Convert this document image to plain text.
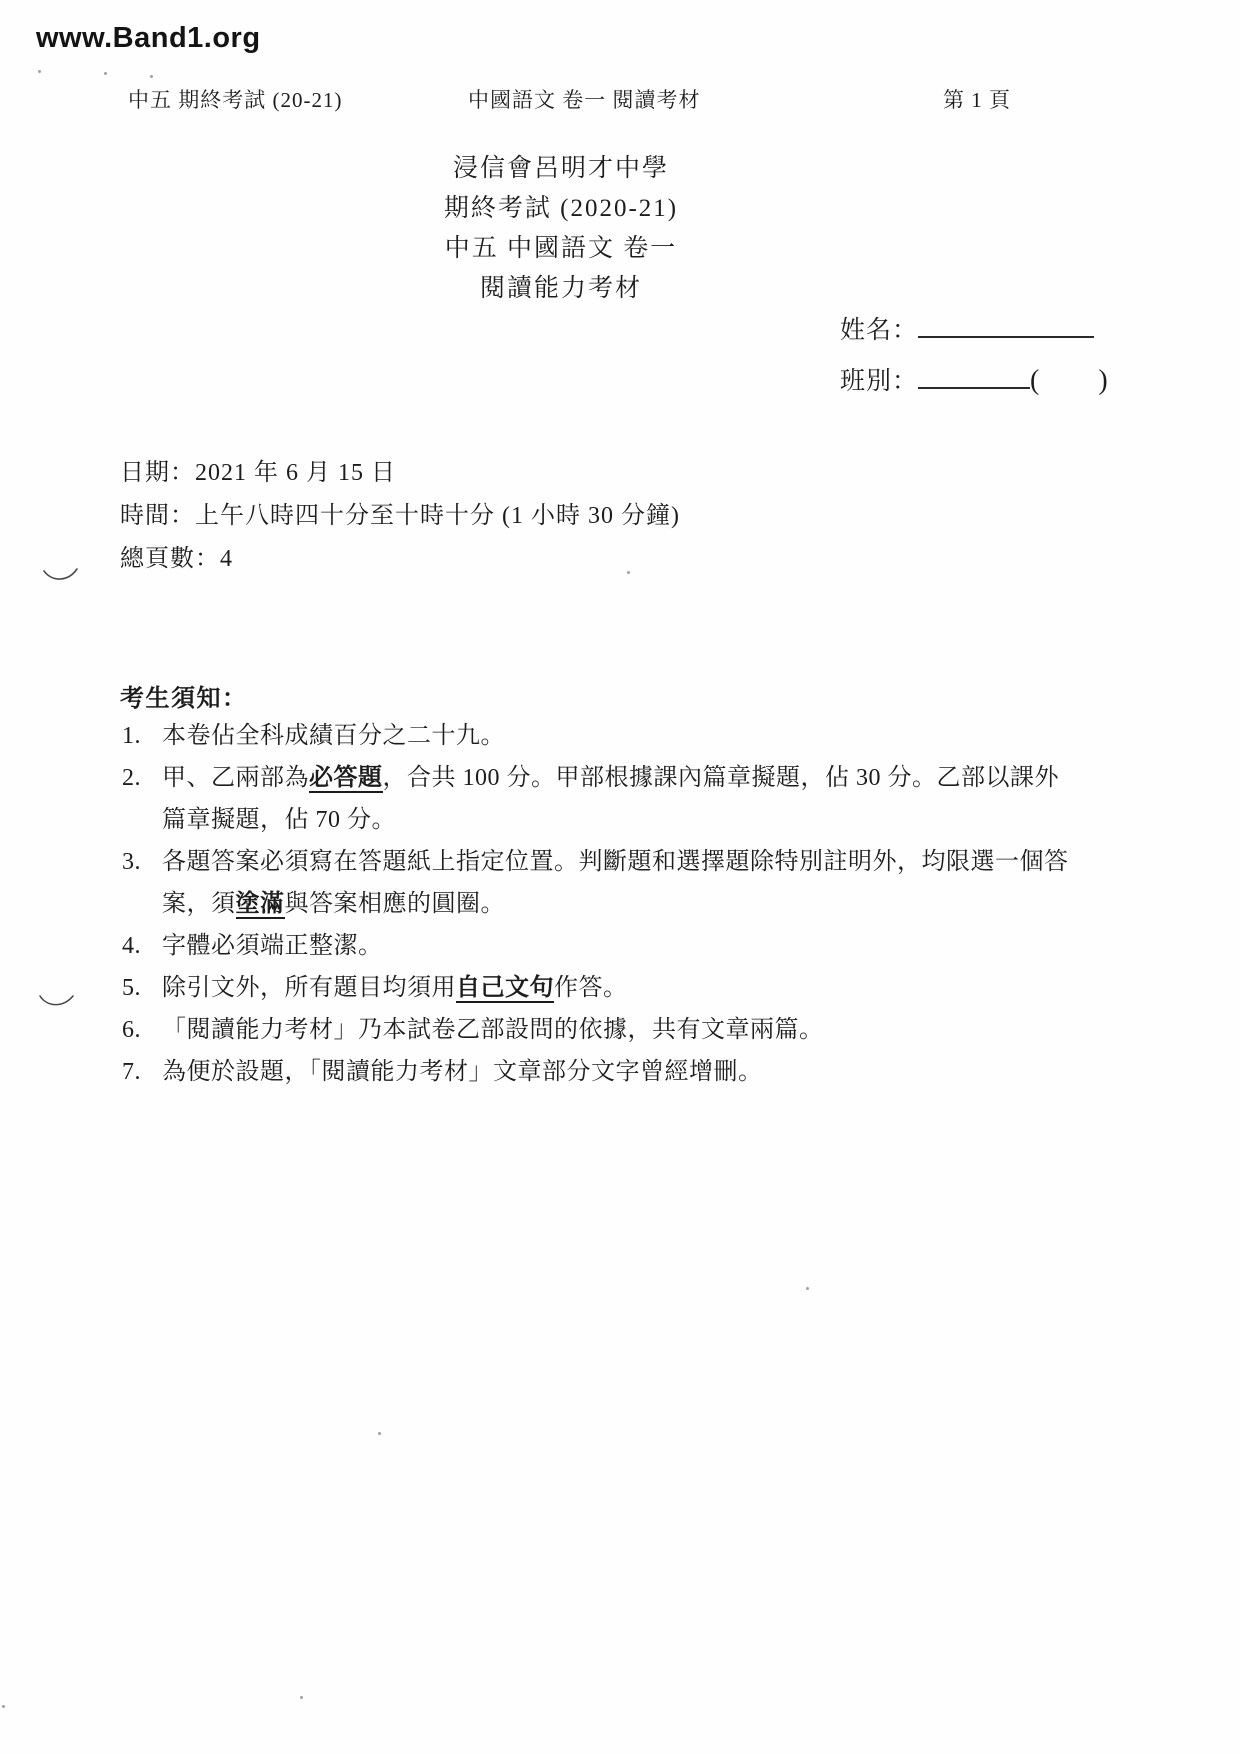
www.Band1.org
中五 期終考試 (20-21)	中國語文 卷一 閱讀考材	第 1 頁
浸信會呂明才中學
期終考試 (2020-21)
中五 中國語文 卷一
閱讀能力考材
姓名：
班別：	( )
日期：2021 年 6 月 15 日
時間：上午八時四十分至十時十分 (1 小時 30 分鐘)
總頁數：4
考生須知：
1. 本卷佔全科成績百分之二十九。
2. 甲、乙兩部為必答題，合共 100 分。甲部根據課內篇章擬題，佔 30 分。乙部以課外
篇章擬題，佔 70 分。
3. 各題答案必須寫在答題紙上指定位置。判斷題和選擇題除特別註明外，均限選一個答
案，須塗滿與答案相應的圓圈。
4. 字體必須端正整潔。
5. 除引文外，所有題目均須用自己文句作答。
6. 「閱讀能力考材」乃本試卷乙部設問的依據，共有文章兩篇。
7. 為便於設題，「閱讀能力考材」文章部分文字曾經增刪。
